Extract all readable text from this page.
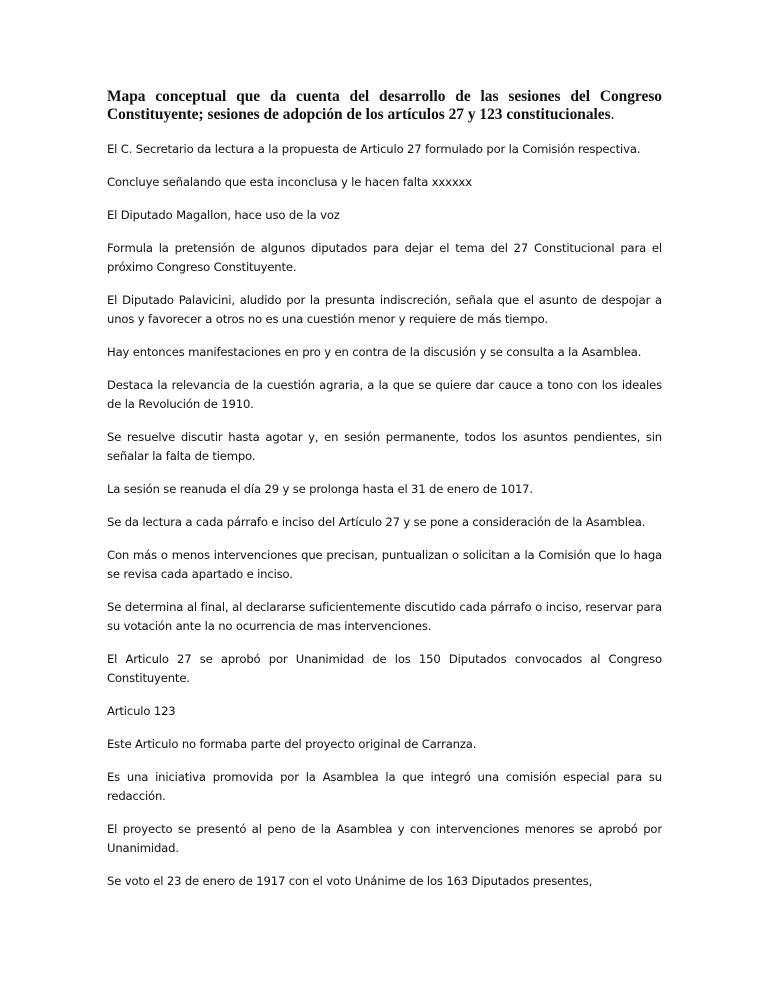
Mapa conceptual que da cuenta del desarrollo de las sesiones del Congreso Constituyente; sesiones de adopción de los artículos 27 y 123 constitucionales.

El C. Secretario da lectura a la propuesta de Articulo 27 formulado por la Comisión respectiva.

Concluye señalando que esta inconclusa y le hacen falta xxxxxx

El Diputado Magallon, hace uso de la voz

Formula la pretensión de algunos diputados para dejar el tema del 27 Constitucional para el próximo Congreso Constituyente.

El Diputado Palavicini, aludido por la presunta indiscreción, señala que el asunto de despojar a unos y favorecer a otros no es una cuestión menor y requiere de más tiempo.

Hay entonces manifestaciones en pro y en contra de la discusión y se consulta a la Asamblea.

Destaca la relevancia de la cuestión agraria, a la que se quiere dar cauce a tono con los ideales de la Revolución de 1910.

Se resuelve discutir hasta agotar y, en sesión permanente, todos los asuntos pendientes, sin señalar la falta de tiempo.

La sesión se reanuda el día 29 y se prolonga hasta el 31 de enero de 1017.

Se da lectura a cada párrafo e inciso del Artículo 27 y se pone a consideración de la Asamblea.

Con más o menos intervenciones que precisan, puntualizan o solicitan a la Comisión que lo haga se revisa cada apartado e inciso.

Se determina al final, al declararse suficientemente discutido cada párrafo o inciso, reservar para su votación ante la no ocurrencia de mas intervenciones.

El Articulo 27 se aprobó por Unanimidad de los 150 Diputados convocados al Congreso Constituyente.

Articulo 123

Este Articulo no formaba parte del proyecto original de Carranza.

Es una iniciativa promovida por la Asamblea la que integró una comisión especial para su redacción.

El proyecto se presentó al peno de la Asamblea y con intervenciones menores se aprobó por Unanimidad.

Se voto el 23 de enero de 1917 con el voto Unánime de los 163 Diputados presentes,
